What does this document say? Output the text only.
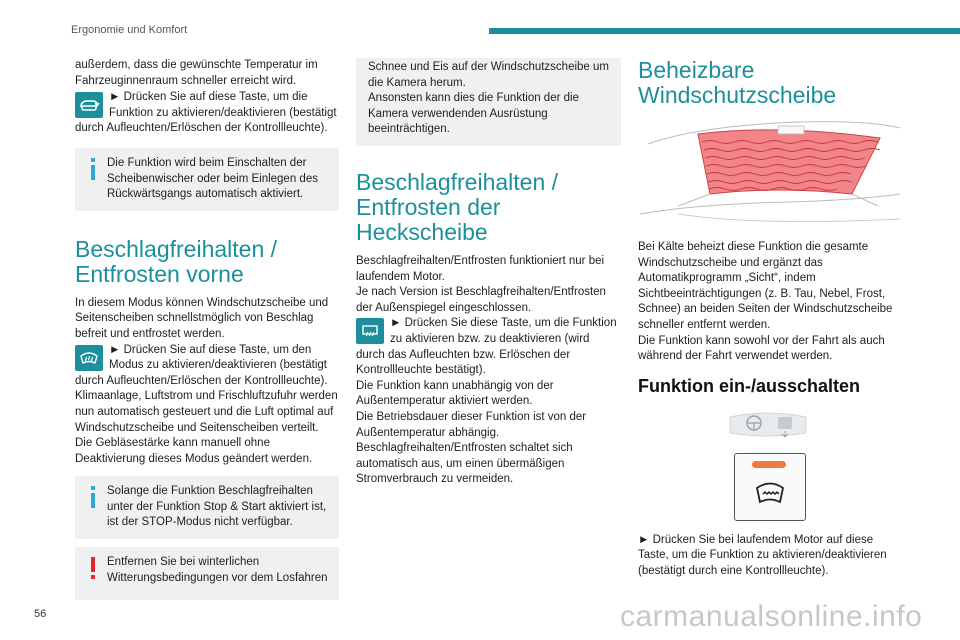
Ergonomie und Komfort

außerdem, dass die gewünschte Temperatur im Fahrzeuginnenraum schneller erreicht wird.

► Drücken Sie auf diese Taste, um die Funktion zu aktivieren/deaktivieren (bestätigt durch Aufleuchten/Erlöschen der Kontrollleuchte).

Die Funktion wird beim Einschalten der Scheibenwischer oder beim Einlegen des Rückwärtsgangs automatisch aktiviert.

Beschlagfreihalten / Entfrosten vorne

In diesem Modus können Windschutzscheibe und Seitenscheiben schnellstmöglich von Beschlag befreit und entfrostet werden.

► Drücken Sie auf diese Taste, um den Modus zu aktivieren/deaktivieren (bestätigt durch Aufleuchten/Erlöschen der Kontrollleuchte).

Klimaanlage, Luftstrom und Frischluftzufuhr werden nun automatisch gesteuert und die Luft optimal auf Windschutzscheibe und Seitenscheiben verteilt.

Die Gebläsestärke kann manuell ohne Deaktivierung dieses Modus geändert werden.

Solange die Funktion Beschlagfreihalten unter der Funktion Stop & Start aktiviert ist, ist der STOP-Modus nicht verfügbar.

Entfernen Sie bei winterlichen Witterungsbedingungen vor dem Losfahren

Schnee und Eis auf der Windschutzscheibe um die Kamera herum.

Ansonsten kann dies die Funktion der die Kamera verwendenden Ausrüstung beeinträchtigen.

Beschlagfreihalten / Entfrosten der Heckscheibe

Beschlagfreihalten/Entfrosten funktioniert nur bei laufendem Motor.

Je nach Version ist Beschlagfreihalten/Entfrosten der Außenspiegel eingeschlossen.

► Drücken Sie diese Taste, um die Funktion zu aktivieren bzw. zu deaktivieren (wird durch das Aufleuchten bzw. Erlöschen der Kontrollleuchte bestätigt).

Die Funktion kann unabhängig von der Außentemperatur aktiviert werden.

Die Betriebsdauer dieser Funktion ist von der Außentemperatur abhängig.

Beschlagfreihalten/Entfrosten schaltet sich automatisch aus, um einen übermäßigen Stromverbrauch zu vermeiden.

Beheizbare Windschutzscheibe

Bei Kälte beheizt diese Funktion die gesamte Windschutzscheibe und ergänzt das Automatikprogramm „Sicht“, indem Sichtbeeinträchtigungen (z. B. Tau, Nebel, Frost, Schnee) an beiden Seiten der Windschutzscheibe schneller entfernt werden.

Die Funktion kann sowohl vor der Fahrt als auch während der Fahrt verwendet werden.

Funktion ein-/ausschalten

► Drücken Sie bei laufendem Motor auf diese Taste, um die Funktion zu aktivieren/deaktivieren (bestätigt durch eine Kontrollleuchte).

56	carmanualsonline.info
